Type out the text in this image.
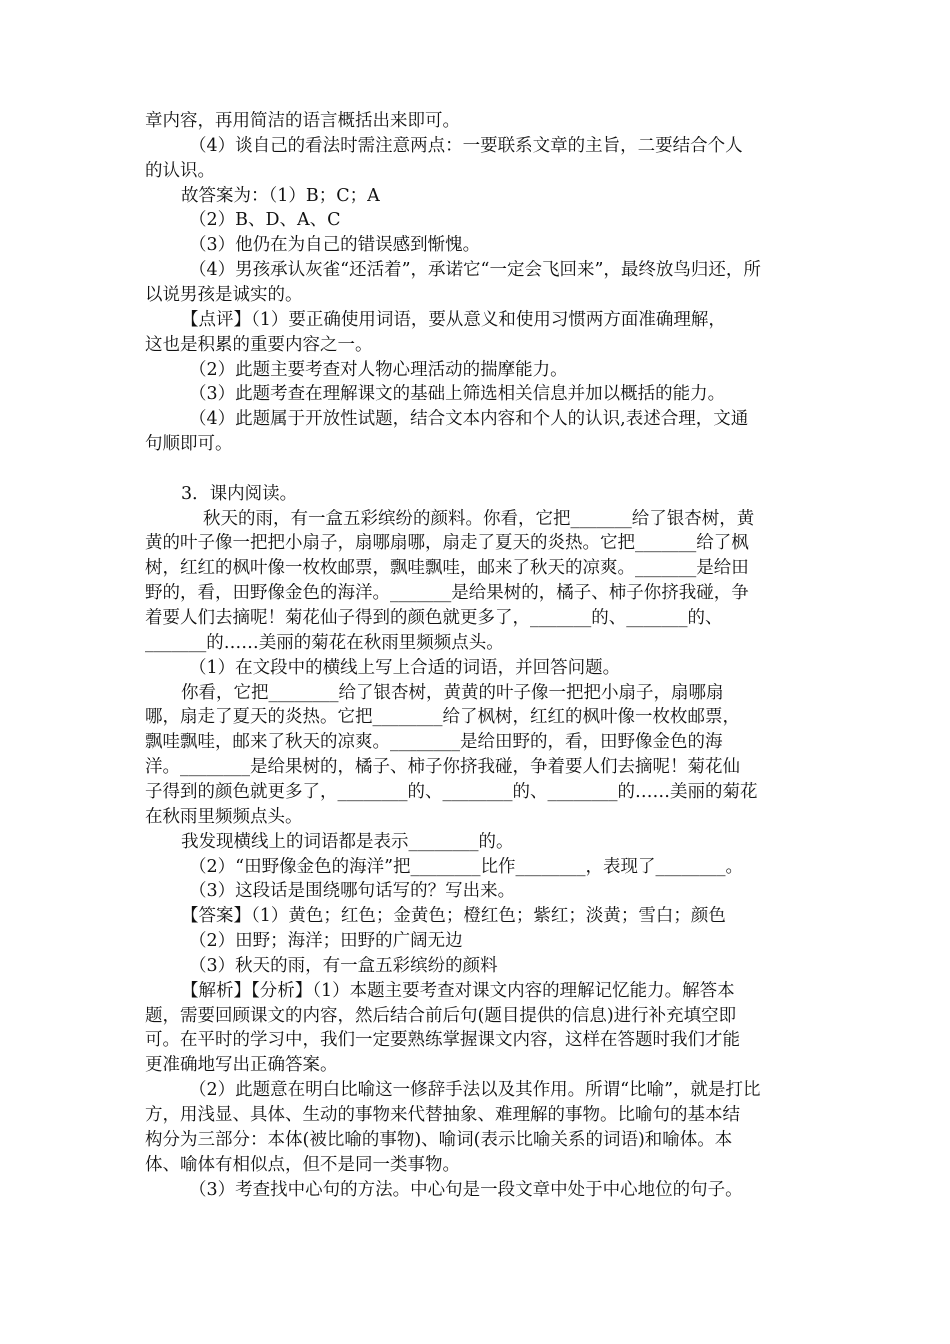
章内容，再用简洁的语言概括出来即可。
（4）谈自己的看法时需注意两点：一要联系文章的主旨，二要结合个人
的认识。
故答案为：（1）B；C；A
（2）B、D、A、C
（3）他仍在为自己的错误感到惭愧。
（4）男孩承认灰雀“还活着”，承诺它“一定会飞回来”，最终放鸟归还，所
以说男孩是诚实的。
【点评】（1）要正确使用词语，要从意义和使用习惯两方面准确理解，
这也是积累的重要内容之一。
（2）此题主要考查对人物心理活动的揣摩能力。
（3）此题考查在理解课文的基础上筛选相关信息并加以概括的能力。
（4）此题属于开放性试题，结合文本内容和个人的认识,表述合理，文通
句顺即可。
3．课内阅读。
秋天的雨，有一盒五彩缤纷的颜料。你看，它把_______给了银杏树，黄
黄的叶子像一把把小扇子，扇哪扇哪，扇走了夏天的炎热。它把_______给了枫
树，红红的枫叶像一枚枚邮票，飘哇飘哇，邮来了秋天的凉爽。_______是给田
野的，看，田野像金色的海洋。_______是给果树的，橘子、柿子你挤我碰，争
着要人们去摘呢！菊花仙子得到的颜色就更多了，_______的、_______的、
_______的……美丽的菊花在秋雨里频频点头。
（1）在文段中的横线上写上合适的词语，并回答问题。
你看，它把________给了银杏树，黄黄的叶子像一把把小扇子，扇哪扇
哪，扇走了夏天的炎热。它把________给了枫树，红红的枫叶像一枚枚邮票，
飘哇飘哇，邮来了秋天的凉爽。________是给田野的，看，田野像金色的海
洋。________是给果树的，橘子、柿子你挤我碰，争着要人们去摘呢！菊花仙
子得到的颜色就更多了，________的、________的、________的……美丽的菊花
在秋雨里频频点头。
我发现横线上的词语都是表示________的。
（2）“田野像金色的海洋”把________比作________，表现了________。
（3）这段话是围绕哪句话写的？写出来。
【答案】（1）黄色；红色；金黄色；橙红色；紫红；淡黄；雪白；颜色
（2）田野；海洋；田野的广阔无边
（3）秋天的雨，有一盒五彩缤纷的颜料
【解析】【分析】（1）本题主要考查对课文内容的理解记忆能力。解答本
题，需要回顾课文的内容，然后结合前后句(题目提供的信息)进行补充填空即
可。在平时的学习中，我们一定要熟练掌握课文内容，这样在答题时我们才能
更准确地写出正确答案。
（2）此题意在明白比喻这一修辞手法以及其作用。所谓“比喻”，就是打比
方，用浅显、具体、生动的事物来代替抽象、难理解的事物。比喻句的基本结
构分为三部分：本体(被比喻的事物)、喻词(表示比喻关系的词语)和喻体。本
体、喻体有相似点，但不是同一类事物。
（3）考查找中心句的方法。中心句是一段文章中处于中心地位的句子。
